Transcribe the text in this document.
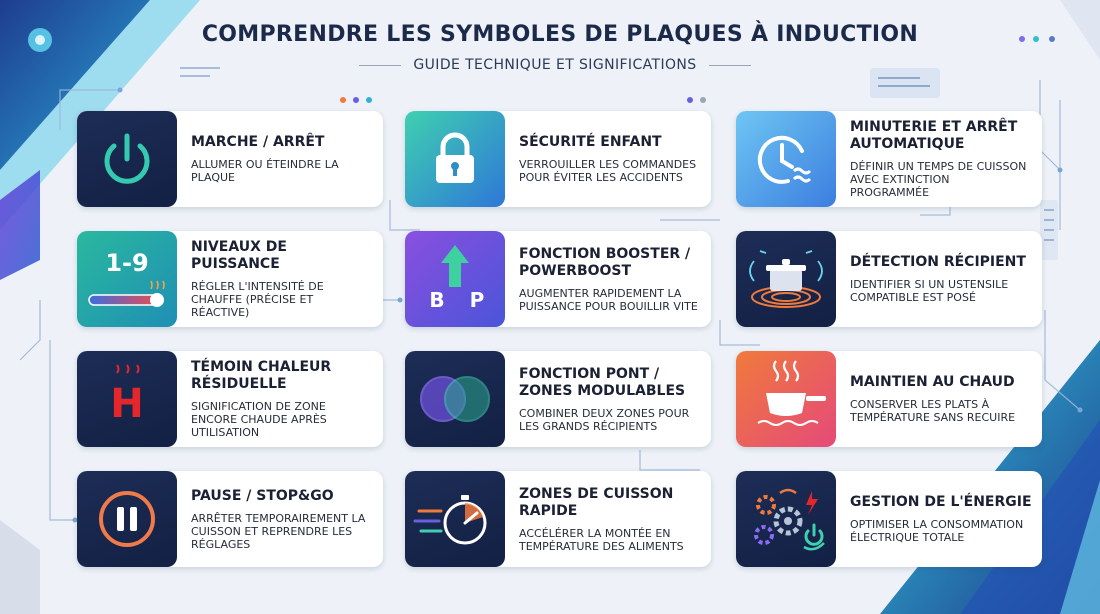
COMPRENDRE LES SYMBOLES DE PLAQUES À INDUCTION
GUIDE TECHNIQUE ET SIGNIFICATIONS
MARCHE / ARRÊT
ALLUMER OU ÉTEINDRE LA PLAQUE
SÉCURITÉ ENFANT
VERROUILLER LES COMMANDES POUR ÉVITER LES ACCIDENTS
MINUTERIE ET ARRÊT AUTOMATIQUE
DÉFINIR UN TEMPS DE CUISSON AVEC EXTINCTION PROGRAMMÉE
1-9
NIVEAUX DE PUISSANCE
RÉGLER L'INTENSITÉ DE CHAUFFE (PRÉCISE ET RÉACTIVE)
B P
FONCTION BOOSTER / POWERBOOST
AUGMENTER RAPIDEMENT LA PUISSANCE POUR BOUILLIR VITE
DÉTECTION RÉCIPIENT
IDENTIFIER SI UN USTENSILE COMPATIBLE EST POSÉ
H
TÉMOIN CHALEUR RÉSIDUELLE
SIGNIFICATION DE ZONE ENCORE CHAUDE APRÈS UTILISATION
FONCTION PONT / ZONES MODULABLES
COMBINER DEUX ZONES POUR LES GRANDS RÉCIPIENTS
MAINTIEN AU CHAUD
CONSERVER LES PLATS À TEMPÉRATURE SANS RECUIRE
PAUSE / STOP&GO
ARRÊTER TEMPORAIREMENT LA CUISSON ET REPRENDRE LES RÉGLAGES
ZONES DE CUISSON RAPIDE
ACCÉLÉRER LA MONTÉE EN TEMPÉRATURE DES ALIMENTS
GESTION DE L'ÉNERGIE
OPTIMISER LA CONSOMMATION ÉLECTRIQUE TOTALE
